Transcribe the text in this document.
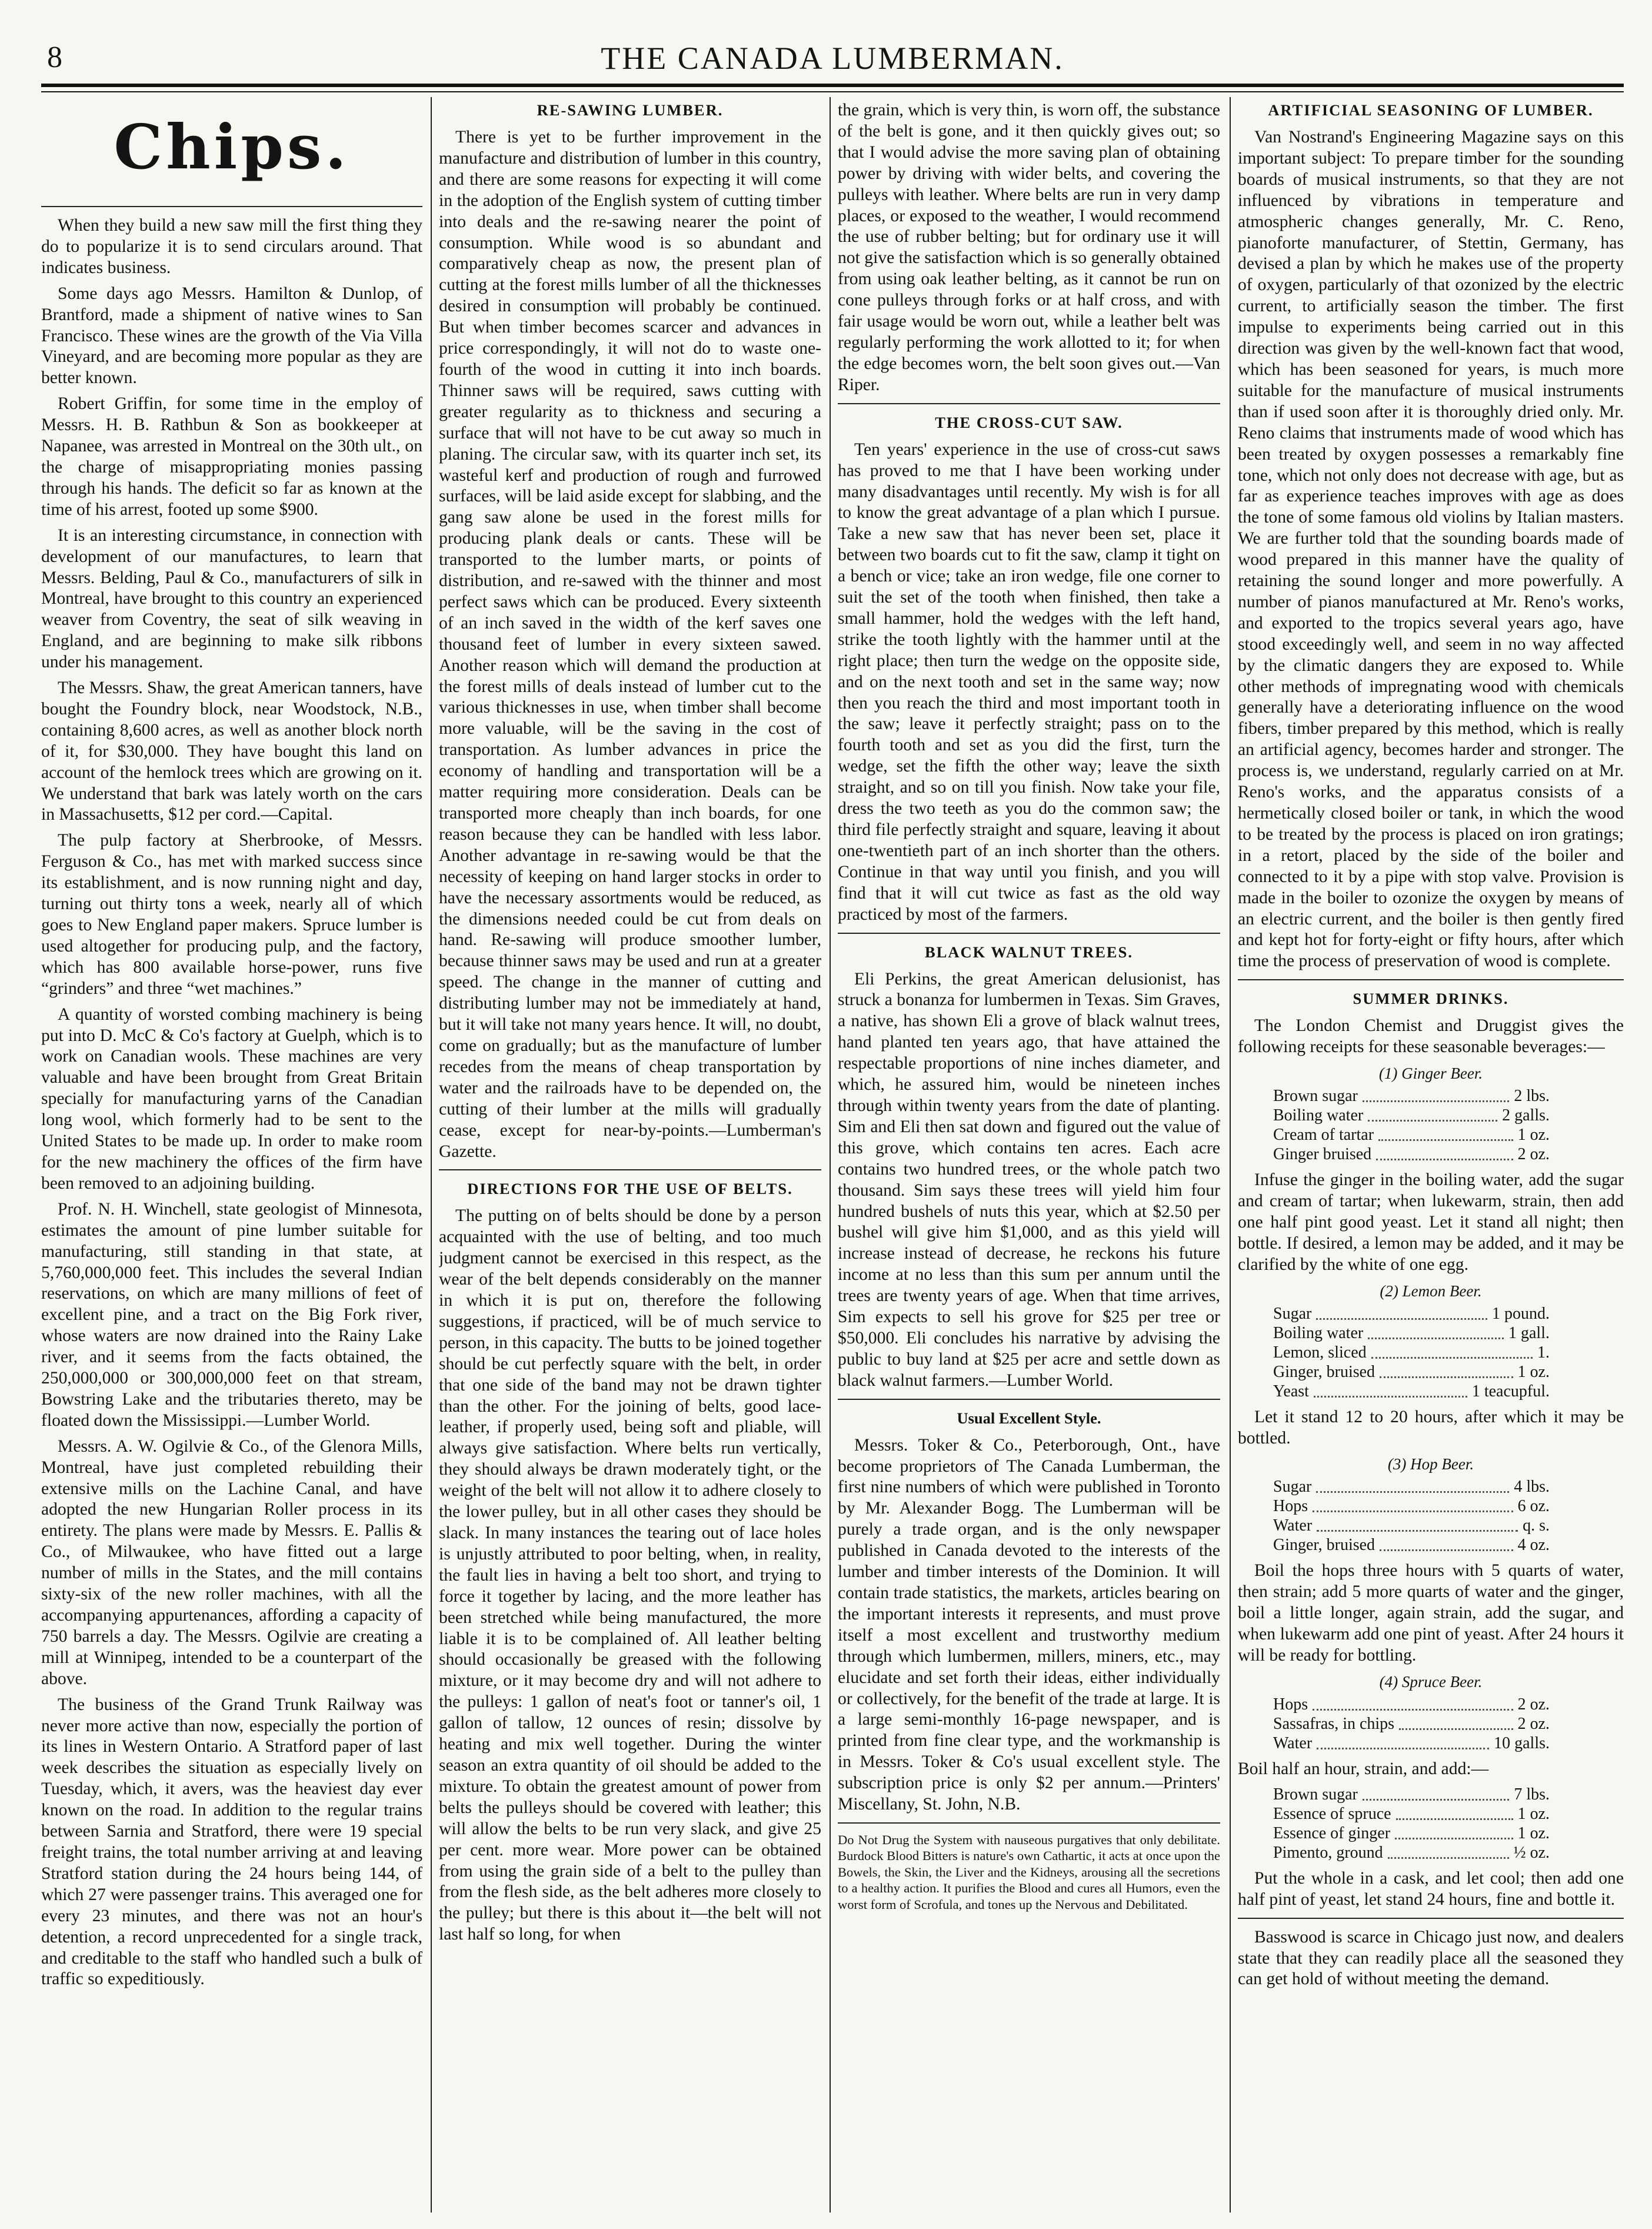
8	THE CANADA LUMBERMAN.
Chips.

When they build a new saw mill the first thing they do to popularize it is to send circulars around. That indicates business.

Some days ago Messrs. Hamilton & Dunlop, of Brantford, made a shipment of native wines to San Francisco. These wines are the growth of the Via Villa Vineyard, and are becoming more popular as they are better known.

Robert Griffin, for some time in the employ of Messrs. H. B. Rathbun & Son as bookkeeper at Napanee, was arrested in Montreal on the 30th ult., on the charge of misappropriating monies passing through his hands. The deficit so far as known at the time of his arrest, footed up some $900.

It is an interesting circumstance, in connection with development of our manufactures, to learn that Messrs. Belding, Paul & Co., manufacturers of silk in Montreal, have brought to this country an experienced weaver from Coventry, the seat of silk weaving in England, and are beginning to make silk ribbons under his management.

The Messrs. Shaw, the great American tanners, have bought the Foundry block, near Woodstock, N.B., containing 8,600 acres, as well as another block north of it, for $30,000. They have bought this land on account of the hemlock trees which are growing on it. We understand that bark was lately worth on the cars in Massachusetts, $12 per cord.—Capital.

The pulp factory at Sherbrooke, of Messrs. Ferguson & Co., has met with marked success since its establishment, and is now running night and day, turning out thirty tons a week, nearly all of which goes to New England paper makers. Spruce lumber is used altogether for producing pulp, and the factory, which has 800 available horse-power, runs five “grinders” and three “wet machines.”

A quantity of worsted combing machinery is being put into D. McC & Co's factory at Guelph, which is to work on Canadian wools. These machines are very valuable and have been brought from Great Britain specially for manufacturing yarns of the Canadian long wool, which formerly had to be sent to the United States to be made up. In order to make room for the new machinery the offices of the firm have been removed to an adjoining building.

Prof. N. H. Winchell, state geologist of Minnesota, estimates the amount of pine lumber suitable for manufacturing, still standing in that state, at 5,760,000,000 feet. This includes the several Indian reservations, on which are many millions of feet of excellent pine, and a tract on the Big Fork river, whose waters are now drained into the Rainy Lake river, and it seems from the facts obtained, the 250,000,000 or 300,000,000 feet on that stream, Bowstring Lake and the tributaries thereto, may be floated down the Mississippi.—Lumber World.

Messrs. A. W. Ogilvie & Co., of the Glenora Mills, Montreal, have just completed rebuilding their extensive mills on the Lachine Canal, and have adopted the new Hungarian Roller process in its entirety. The plans were made by Messrs. E. Pallis & Co., of Milwaukee, who have fitted out a large number of mills in the States, and the mill contains sixty-six of the new roller machines, with all the accompanying appurtenances, affording a capacity of 750 barrels a day. The Messrs. Ogilvie are creating a mill at Winnipeg, intended to be a counterpart of the above.

The business of the Grand Trunk Railway was never more active than now, especially the portion of its lines in Western Ontario. A Stratford paper of last week describes the situation as especially lively on Tuesday, which, it avers, was the heaviest day ever known on the road. In addition to the regular trains between Sarnia and Stratford, there were 19 special freight trains, the total number arriving at and leaving Stratford station during the 24 hours being 144, of which 27 were passenger trains. This averaged one for every 23 minutes, and there was not an hour's detention, a record unprecedented for a single track, and creditable to the staff who handled such a bulk of traffic so expeditiously.

RE-SAWING LUMBER.

There is yet to be further improvement in the manufacture and distribution of lumber in this country, and there are some reasons for expecting it will come in the adoption of the English system of cutting timber into deals and the re-sawing nearer the point of consumption. While wood is so abundant and comparatively cheap as now, the present plan of cutting at the forest mills lumber of all the thicknesses desired in consumption will probably be continued. But when timber becomes scarcer and advances in price correspondingly, it will not do to waste one-fourth of the wood in cutting it into inch boards. Thinner saws will be required, saws cutting with greater regularity as to thickness and securing a surface that will not have to be cut away so much in planing. The circular saw, with its quarter inch set, its wasteful kerf and production of rough and furrowed surfaces, will be laid aside except for slabbing, and the gang saw alone be used in the forest mills for producing plank deals or cants. These will be transported to the lumber marts, or points of distribution, and re-sawed with the thinner and most perfect saws which can be produced. Every sixteenth of an inch saved in the width of the kerf saves one thousand feet of lumber in every sixteen sawed. Another reason which will demand the production at the forest mills of deals instead of lumber cut to the various thicknesses in use, when timber shall become more valuable, will be the saving in the cost of transportation. As lumber advances in price the economy of handling and transportation will be a matter requiring more consideration. Deals can be transported more cheaply than inch boards, for one reason because they can be handled with less labor. Another advantage in re-sawing would be that the necessity of keeping on hand larger stocks in order to have the necessary assortments would be reduced, as the dimensions needed could be cut from deals on hand. Re-sawing will produce smoother lumber, because thinner saws may be used and run at a greater speed. The change in the manner of cutting and distributing lumber may not be immediately at hand, but it will take not many years hence. It will, no doubt, come on gradually; but as the manufacture of lumber recedes from the means of cheap transportation by water and the railroads have to be depended on, the cutting of their lumber at the mills will gradually cease, except for near-by-points.—Lumberman's Gazette.

DIRECTIONS FOR THE USE OF BELTS.

The putting on of belts should be done by a person acquainted with the use of belting, and too much judgment cannot be exercised in this respect, as the wear of the belt depends considerably on the manner in which it is put on, therefore the following suggestions, if practiced, will be of much service to person, in this capacity. The butts to be joined together should be cut perfectly square with the belt, in order that one side of the band may not be drawn tighter than the other. For the joining of belts, good lace-leather, if properly used, being soft and pliable, will always give satisfaction. Where belts run vertically, they should always be drawn moderately tight, or the weight of the belt will not allow it to adhere closely to the lower pulley, but in all other cases they should be slack. In many instances the tearing out of lace holes is unjustly attributed to poor belting, when, in reality, the fault lies in having a belt too short, and trying to force it together by lacing, and the more leather has been stretched while being manufactured, the more liable it is to be complained of. All leather belting should occasionally be greased with the following mixture, or it may become dry and will not adhere to the pulleys: 1 gallon of neat's foot or tanner's oil, 1 gallon of tallow, 12 ounces of resin; dissolve by heating and mix well together. During the winter season an extra quantity of oil should be added to the mixture. To obtain the greatest amount of power from belts the pulleys should be covered with leather; this will allow the belts to be run very slack, and give 25 per cent. more wear. More power can be obtained from using the grain side of a belt to the pulley than from the flesh side, as the belt adheres more closely to the pulley; but there is this about it—the belt will not last half so long, for when

the grain, which is very thin, is worn off, the substance of the belt is gone, and it then quickly gives out; so that I would advise the more saving plan of obtaining power by driving with wider belts, and covering the pulleys with leather. Where belts are run in very damp places, or exposed to the weather, I would recommend the use of rubber belting; but for ordinary use it will not give the satisfaction which is so generally obtained from using oak leather belting, as it cannot be run on cone pulleys through forks or at half cross, and with fair usage would be worn out, while a leather belt was regularly performing the work allotted to it; for when the edge becomes worn, the belt soon gives out.—Van Riper.

THE CROSS-CUT SAW.

Ten years' experience in the use of cross-cut saws has proved to me that I have been working under many disadvantages until recently. My wish is for all to know the great advantage of a plan which I pursue. Take a new saw that has never been set, place it between two boards cut to fit the saw, clamp it tight on a bench or vice; take an iron wedge, file one corner to suit the set of the tooth when finished, then take a small hammer, hold the wedges with the left hand, strike the tooth lightly with the hammer until at the right place; then turn the wedge on the opposite side, and on the next tooth and set in the same way; now then you reach the third and most important tooth in the saw; leave it perfectly straight; pass on to the fourth tooth and set as you did the first, turn the wedge, set the fifth the other way; leave the sixth straight, and so on till you finish. Now take your file, dress the two teeth as you do the common saw; the third file perfectly straight and square, leaving it about one-twentieth part of an inch shorter than the others. Continue in that way until you finish, and you will find that it will cut twice as fast as the old way practiced by most of the farmers.

BLACK WALNUT TREES.

Eli Perkins, the great American delusionist, has struck a bonanza for lumbermen in Texas. Sim Graves, a native, has shown Eli a grove of black walnut trees, hand planted ten years ago, that have attained the respectable proportions of nine inches diameter, and which, he assured him, would be nineteen inches through within twenty years from the date of planting. Sim and Eli then sat down and figured out the value of this grove, which contains ten acres. Each acre contains two hundred trees, or the whole patch two thousand. Sim says these trees will yield him four hundred bushels of nuts this year, which at $2.50 per bushel will give him $1,000, and as this yield will increase instead of decrease, he reckons his future income at no less than this sum per annum until the trees are twenty years of age. When that time arrives, Sim expects to sell his grove for $25 per tree or $50,000. Eli concludes his narrative by advising the public to buy land at $25 per acre and settle down as black walnut farmers.—Lumber World.

Usual Excellent Style.

Messrs. Toker & Co., Peterborough, Ont., have become proprietors of The Canada Lumberman, the first nine numbers of which were published in Toronto by Mr. Alexander Bogg. The Lumberman will be purely a trade organ, and is the only newspaper published in Canada devoted to the interests of the lumber and timber interests of the Dominion. It will contain trade statistics, the markets, articles bearing on the important interests it represents, and must prove itself a most excellent and trustworthy medium through which lumbermen, millers, miners, etc., may elucidate and set forth their ideas, either individually or collectively, for the benefit of the trade at large. It is a large semi-monthly 16-page newspaper, and is printed from fine clear type, and the workmanship is in Messrs. Toker & Co's usual excellent style. The subscription price is only $2 per annum.—Printers' Miscellany, St. John, N.B.

Do Not Drug the System with nauseous purgatives that only debilitate. Burdock Blood Bitters is nature's own Cathartic, it acts at once upon the Bowels, the Skin, the Liver and the Kidneys, arousing all the secretions to a healthy action. It purifies the Blood and cures all Humors, even the worst form of Scrofula, and tones up the Nervous and Debilitated.

ARTIFICIAL SEASONING OF LUMBER.

Van Nostrand's Engineering Magazine says on this important subject: To prepare timber for the sounding boards of musical instruments, so that they are not influenced by vibrations in temperature and atmospheric changes generally, Mr. C. Reno, pianoforte manufacturer, of Stettin, Germany, has devised a plan by which he makes use of the property of oxygen, particularly of that ozonized by the electric current, to artificially season the timber. The first impulse to experiments being carried out in this direction was given by the well-known fact that wood, which has been seasoned for years, is much more suitable for the manufacture of musical instruments than if used soon after it is thoroughly dried only. Mr. Reno claims that instruments made of wood which has been treated by oxygen possesses a remarkably fine tone, which not only does not decrease with age, but as far as experience teaches improves with age as does the tone of some famous old violins by Italian masters. We are further told that the sounding boards made of wood prepared in this manner have the quality of retaining the sound longer and more powerfully. A number of pianos manufactured at Mr. Reno's works, and exported to the tropics several years ago, have stood exceedingly well, and seem in no way affected by the climatic dangers they are exposed to. While other methods of impregnating wood with chemicals generally have a deteriorating influence on the wood fibers, timber prepared by this method, which is really an artificial agency, becomes harder and stronger. The process is, we understand, regularly carried on at Mr. Reno's works, and the apparatus consists of a hermetically closed boiler or tank, in which the wood to be treated by the process is placed on iron gratings; in a retort, placed by the side of the boiler and connected to it by a pipe with stop valve. Provision is made in the boiler to ozonize the oxygen by means of an electric current, and the boiler is then gently fired and kept hot for forty-eight or fifty hours, after which time the process of preservation of wood is complete.

SUMMER DRINKS.

The London Chemist and Druggist gives the following receipts for these seasonable beverages:—

(1) Ginger Beer.
Brown sugar	2 lbs.
Boiling water	2 galls.
Cream of tartar	1 oz.
Ginger bruised	2 oz.

Infuse the ginger in the boiling water, add the sugar and cream of tartar; when lukewarm, strain, then add one half pint good yeast. Let it stand all night; then bottle. If desired, a lemon may be added, and it may be clarified by the white of one egg.

(2) Lemon Beer.
Sugar	1 pound.
Boiling water	1 gall.
Lemon, sliced	1.
Ginger, bruised	1 oz.
Yeast	1 teacupful.

Let it stand 12 to 20 hours, after which it may be bottled.

(3) Hop Beer.
Sugar	4 lbs.
Hops	6 oz.
Water	q. s.
Ginger, bruised	4 oz.

Boil the hops three hours with 5 quarts of water, then strain; add 5 more quarts of water and the ginger, boil a little longer, again strain, add the sugar, and when lukewarm add one pint of yeast. After 24 hours it will be ready for bottling.

(4) Spruce Beer.
Hops	2 oz.
Sassafras, in chips	2 oz.
Water	10 galls.

Boil half an hour, strain, and add:—

Brown sugar	7 lbs.
Essence of spruce	1 oz.
Essence of ginger	1 oz.
Pimento, ground	½ oz.

Put the whole in a cask, and let cool; then add one half pint of yeast, let stand 24 hours, fine and bottle it.

Basswood is scarce in Chicago just now, and dealers state that they can readily place all the seasoned they can get hold of without meeting the demand.
